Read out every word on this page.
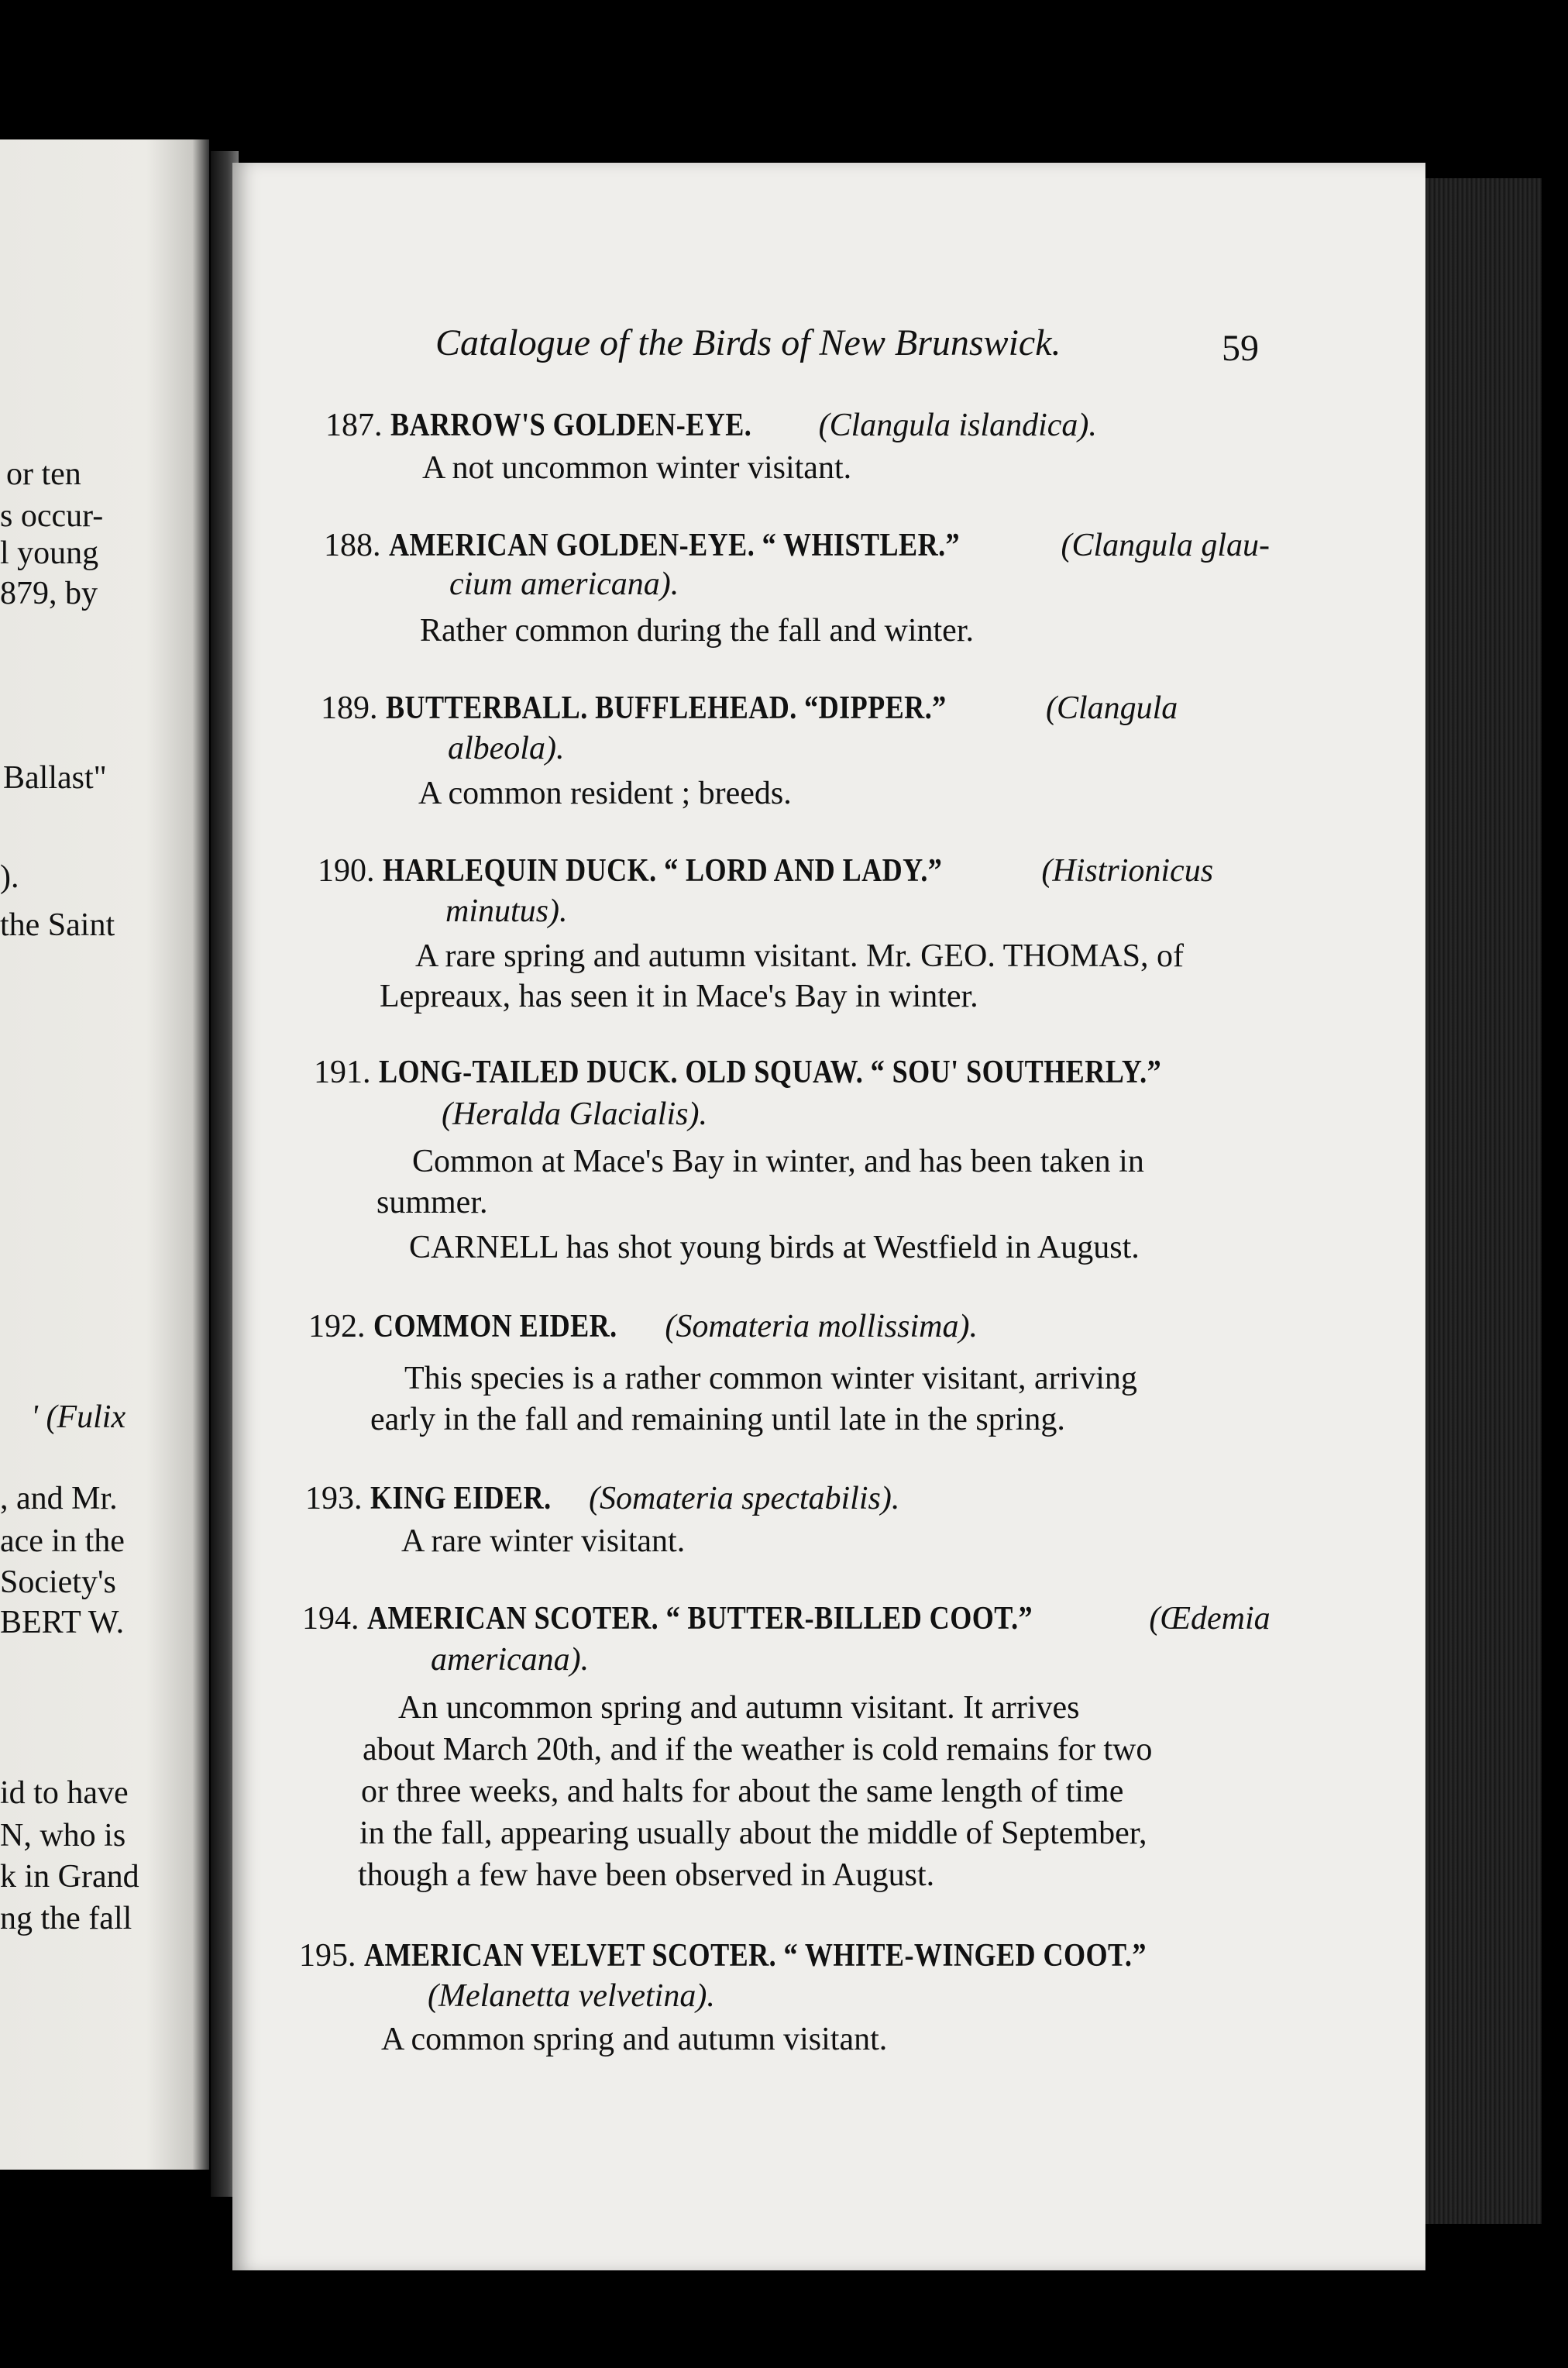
or ten
s occur-
l young
879, by
Ballast"
).
the Saint
' (Fulix
, and Mr.
ace in the
Society's
BERT W.
id to have
N, who is
k in Grand
ng the fall
Catalogue of the Birds of New Brunswick.	59
187. BARROW'S GOLDEN-EYE. (Clangula islandica).
A not uncommon winter visitant.
188. AMERICAN GOLDEN-EYE. “ WHISTLER.”	(Clangula glau-
cium americana).
Rather common during the fall and winter.
189. BUTTERBALL. BUFFLEHEAD. “DIPPER.”	(Clangula
albeola).
A common resident ; breeds.
190. HARLEQUIN DUCK. “ LORD AND LADY.”	(Histrionicus
minutus).
A rare spring and autumn visitant. Mr. GEO. THOMAS, of
Lepreaux, has seen it in Mace's Bay in winter.
191. LONG-TAILED DUCK. OLD SQUAW. “ SOU' SOUTHERLY.”
(Heralda Glacialis).
Common at Mace's Bay in winter, and has been taken in
summer.
CARNELL has shot young birds at Westfield in August.
192. COMMON EIDER. (Somateria mollissima).
This species is a rather common winter visitant, arriving
early in the fall and remaining until late in the spring.
193. KING EIDER. (Somateria spectabilis).
A rare winter visitant.
194. AMERICAN SCOTER. “ BUTTER-BILLED COOT.”	(Œdemia
americana).
An uncommon spring and autumn visitant. It arrives
about March 20th, and if the weather is cold remains for two
or three weeks, and halts for about the same length of time
in the fall, appearing usually about the middle of September,
though a few have been observed in August.
195. AMERICAN VELVET SCOTER. “ WHITE-WINGED COOT.”
(Melanetta velvetina).
A common spring and autumn visitant.
